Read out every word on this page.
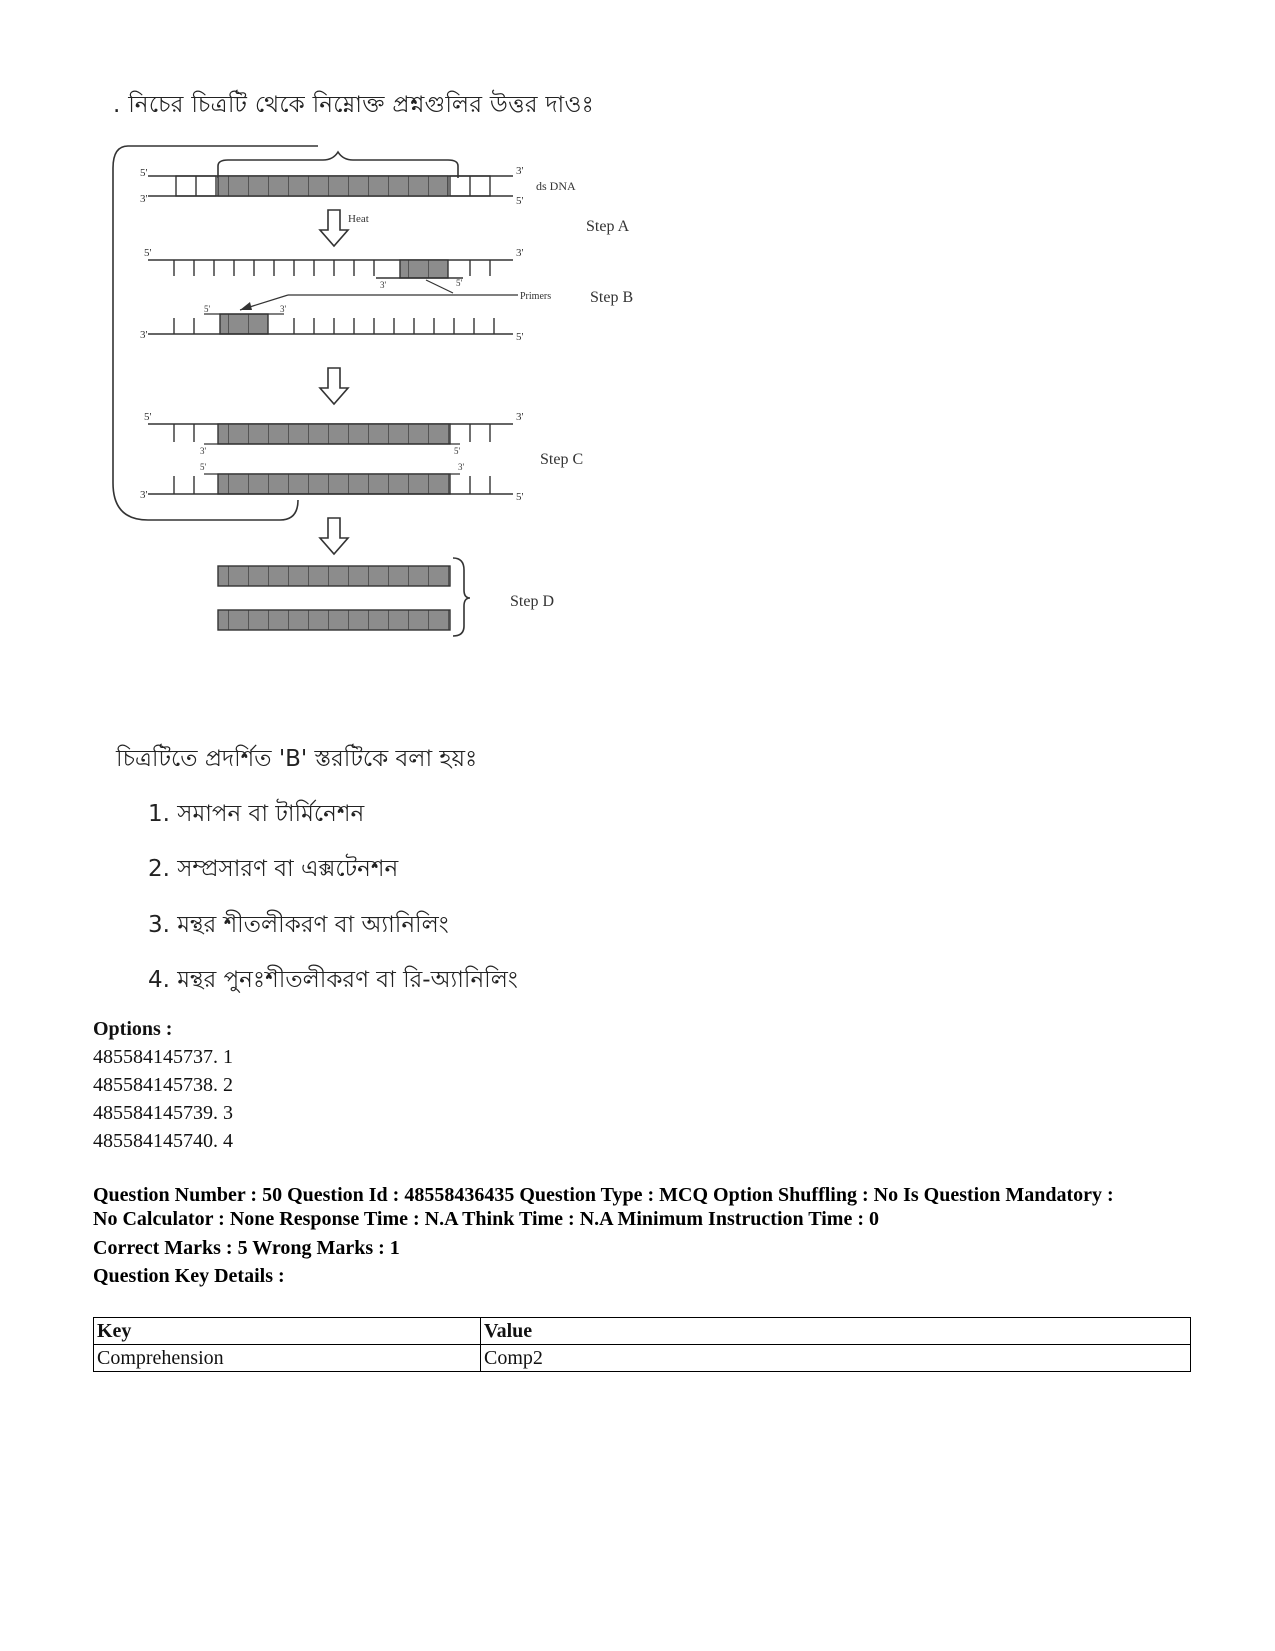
. নিচের চিত্রটি থেকে নিম্নোক্ত প্রশ্নগুলির উত্তর দাওঃ
5'
3'
3'
5'
ds DNA
Heat	Step A
5'
3'	5'
3'
Primers Step B
5'	3'
3'	5'
5'
3'	5'
3'
Step C
5'	3'
3'	5'
Step D
চিত্রটিতে প্রদর্শিত 'B' স্তরটিকে বলা হয়ঃ
1. সমাপন বা টার্মিনেশন
2. সম্প্রসারণ বা এক্সটেনশন
3. মন্থর শীতলীকরণ বা অ্যানিলিং
4. মন্থর পুনঃশীতলীকরণ বা রি-অ্যানিলিং
Options :
485584145737. 1
485584145738. 2
485584145739. 3
485584145740. 4
Question Number : 50 Question Id : 48558436435 Question Type : MCQ Option Shuffling : No Is Question Mandatory :
No Calculator : None Response Time : N.A Think Time : N.A Minimum Instruction Time : 0
Correct Marks : 5 Wrong Marks : 1
Question Key Details :
Key	Value
Comprehension	Comp2
